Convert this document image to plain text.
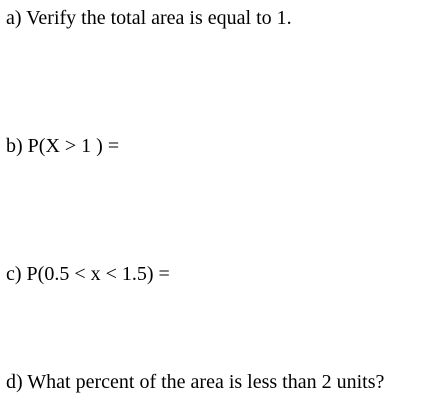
a) Verify the total area is equal to 1.

b) P(X > 1 ) =

c) P(0.5 < x < 1.5) =

d) What percent of the area is less than 2 units?
